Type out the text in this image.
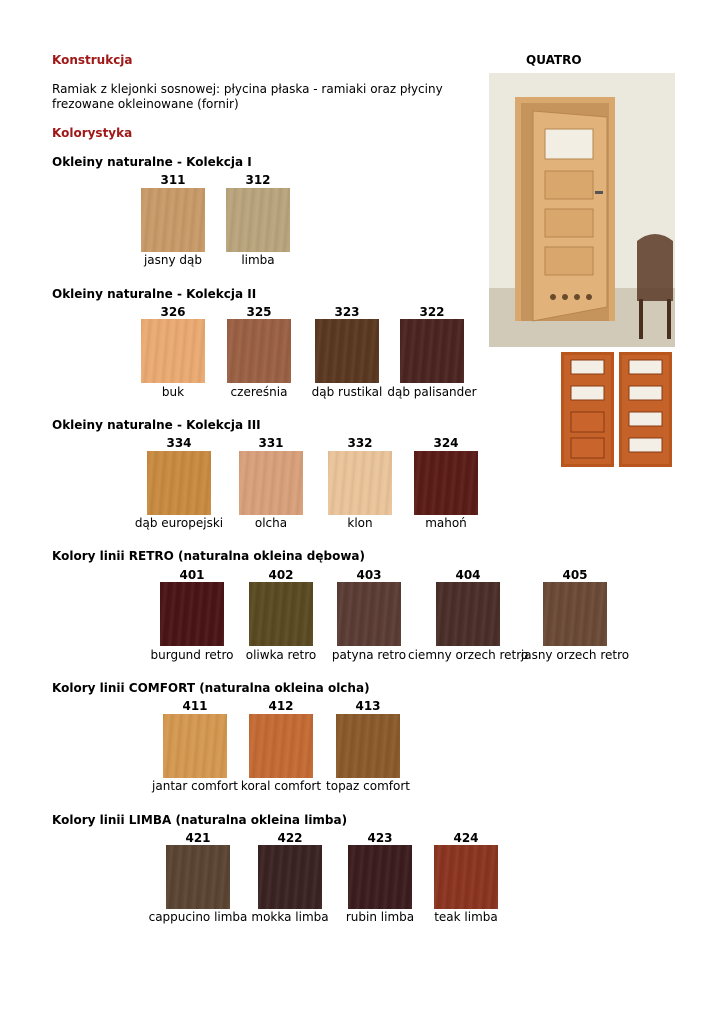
Konstrukcja	QUATRO
Ramiak z klejonki sosnowej: płycina płaska - ramiaki oraz płyciny frezowane okleinowane (fornir)
Kolorystyka
Okleiny naturalne - Kolekcja I
311
jasny dąb
312
limba
Okleiny naturalne - Kolekcja II
326
buk
325
czereśnia
323
dąb rustikal
322
dąb palisander
Okleiny naturalne - Kolekcja III
334
dąb europejski
331
olcha
332
klon
324
mahoń
Kolory linii RETRO (naturalna okleina dębowa)
401
burgund retro
402
oliwka retro
403
patyna retro
404
ciemny orzech retro
405
jasny orzech retro
Kolory linii COMFORT (naturalna okleina olcha)
411
jantar comfort
412
koral comfort
413
topaz comfort
Kolory linii LIMBA (naturalna okleina limba)
421
cappucino limba
422
mokka limba
423
rubin limba
424
teak limba
